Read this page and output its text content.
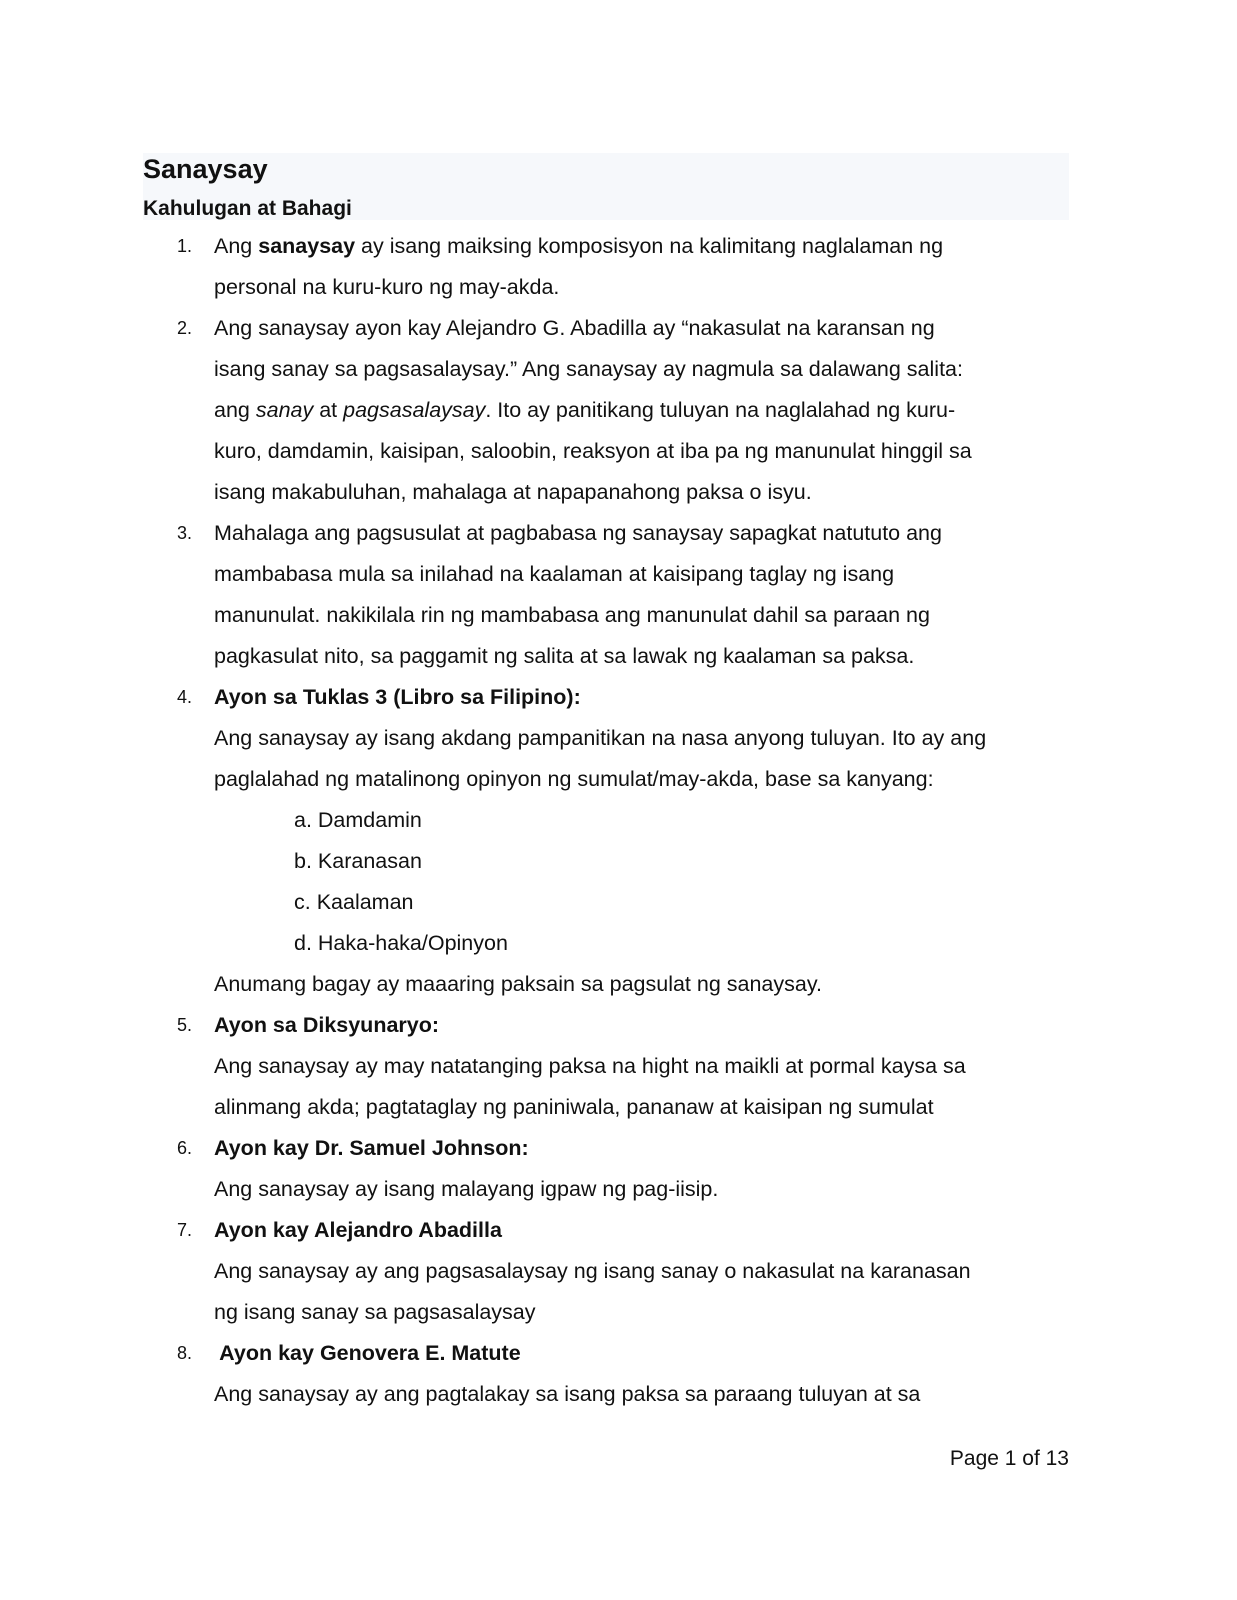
Sanaysay
Kahulugan at Bahagi
1. Ang sanaysay ay isang maiksing komposisyon na kalimitang naglalaman ng
personal na kuru-kuro ng may-akda.
2. Ang sanaysay ayon kay Alejandro G. Abadilla ay “nakasulat na karansan ng
isang sanay sa pagsasalaysay.” Ang sanaysay ay nagmula sa dalawang salita:
ang sanay at pagsasalaysay. Ito ay panitikang tuluyan na naglalahad ng kuru-
kuro, damdamin, kaisipan, saloobin, reaksyon at iba pa ng manunulat hinggil sa
isang makabuluhan, mahalaga at napapanahong paksa o isyu.
3. Mahalaga ang pagsusulat at pagbabasa ng sanaysay sapagkat natututo ang
mambabasa mula sa inilahad na kaalaman at kaisipang taglay ng isang
manunulat. nakikilala rin ng mambabasa ang manunulat dahil sa paraan ng
pagkasulat nito, sa paggamit ng salita at sa lawak ng kaalaman sa paksa.
4. Ayon sa Tuklas 3 (Libro sa Filipino):
Ang sanaysay ay isang akdang pampanitikan na nasa anyong tuluyan. Ito ay ang
paglalahad ng matalinong opinyon ng sumulat/may-akda, base sa kanyang:
a. Damdamin
b. Karanasan
c. Kaalaman
d. Haka-haka/Opinyon
Anumang bagay ay maaaring paksain sa pagsulat ng sanaysay.
5. Ayon sa Diksyunaryo:
Ang sanaysay ay may natatanging paksa na hight na maikli at pormal kaysa sa
alinmang akda; pagtataglay ng paniniwala, pananaw at kaisipan ng sumulat
6. Ayon kay Dr. Samuel Johnson:
Ang sanaysay ay isang malayang igpaw ng pag-iisip.
7. Ayon kay Alejandro Abadilla
Ang sanaysay ay ang pagsasalaysay ng isang sanay o nakasulat na karanasan
ng isang sanay sa pagsasalaysay
8. Ayon kay Genovera E. Matute
Ang sanaysay ay ang pagtalakay sa isang paksa sa paraang tuluyan at sa
Page 1 of 13
